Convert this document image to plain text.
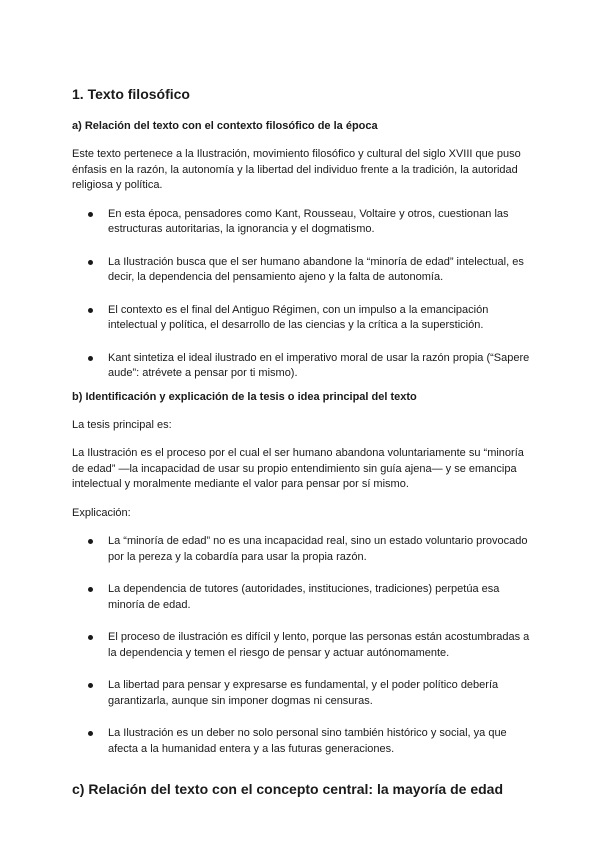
1. Texto filosófico
a) Relación del texto con el contexto filosófico de la época

Este texto pertenece a la Ilustración, movimiento filosófico y cultural del siglo XVIII que puso énfasis en la razón, la autonomía y la libertad del individuo frente a la tradición, la autoridad religiosa y política.

En esta época, pensadores como Kant, Rousseau, Voltaire y otros, cuestionan las estructuras autoritarias, la ignorancia y el dogmatismo.
La Ilustración busca que el ser humano abandone la “minoría de edad” intelectual, es decir, la dependencia del pensamiento ajeno y la falta de autonomía.
El contexto es el final del Antiguo Régimen, con un impulso a la emancipación intelectual y política, el desarrollo de las ciencias y la crítica a la superstición.
Kant sintetiza el ideal ilustrado en el imperativo moral de usar la razón propia (“Sapere aude”: atrévete a pensar por ti mismo).
b) Identificación y explicación de la tesis o idea principal del texto

La tesis principal es:

La Ilustración es el proceso por el cual el ser humano abandona voluntariamente su “minoría de edad” —la incapacidad de usar su propio entendimiento sin guía ajena— y se emancipa intelectual y moralmente mediante el valor para pensar por sí mismo.

Explicación:

La “minoría de edad” no es una incapacidad real, sino un estado voluntario provocado por la pereza y la cobardía para usar la propia razón.
La dependencia de tutores (autoridades, instituciones, tradiciones) perpetúa esa minoría de edad.
El proceso de ilustración es difícil y lento, porque las personas están acostumbradas a la dependencia y temen el riesgo de pensar y actuar autónomamente.
La libertad para pensar y expresarse es fundamental, y el poder político debería garantizarla, aunque sin imponer dogmas ni censuras.
La Ilustración es un deber no solo personal sino también histórico y social, ya que afecta a la humanidad entera y a las futuras generaciones.
c) Relación del texto con el concepto central: la mayoría de edad
